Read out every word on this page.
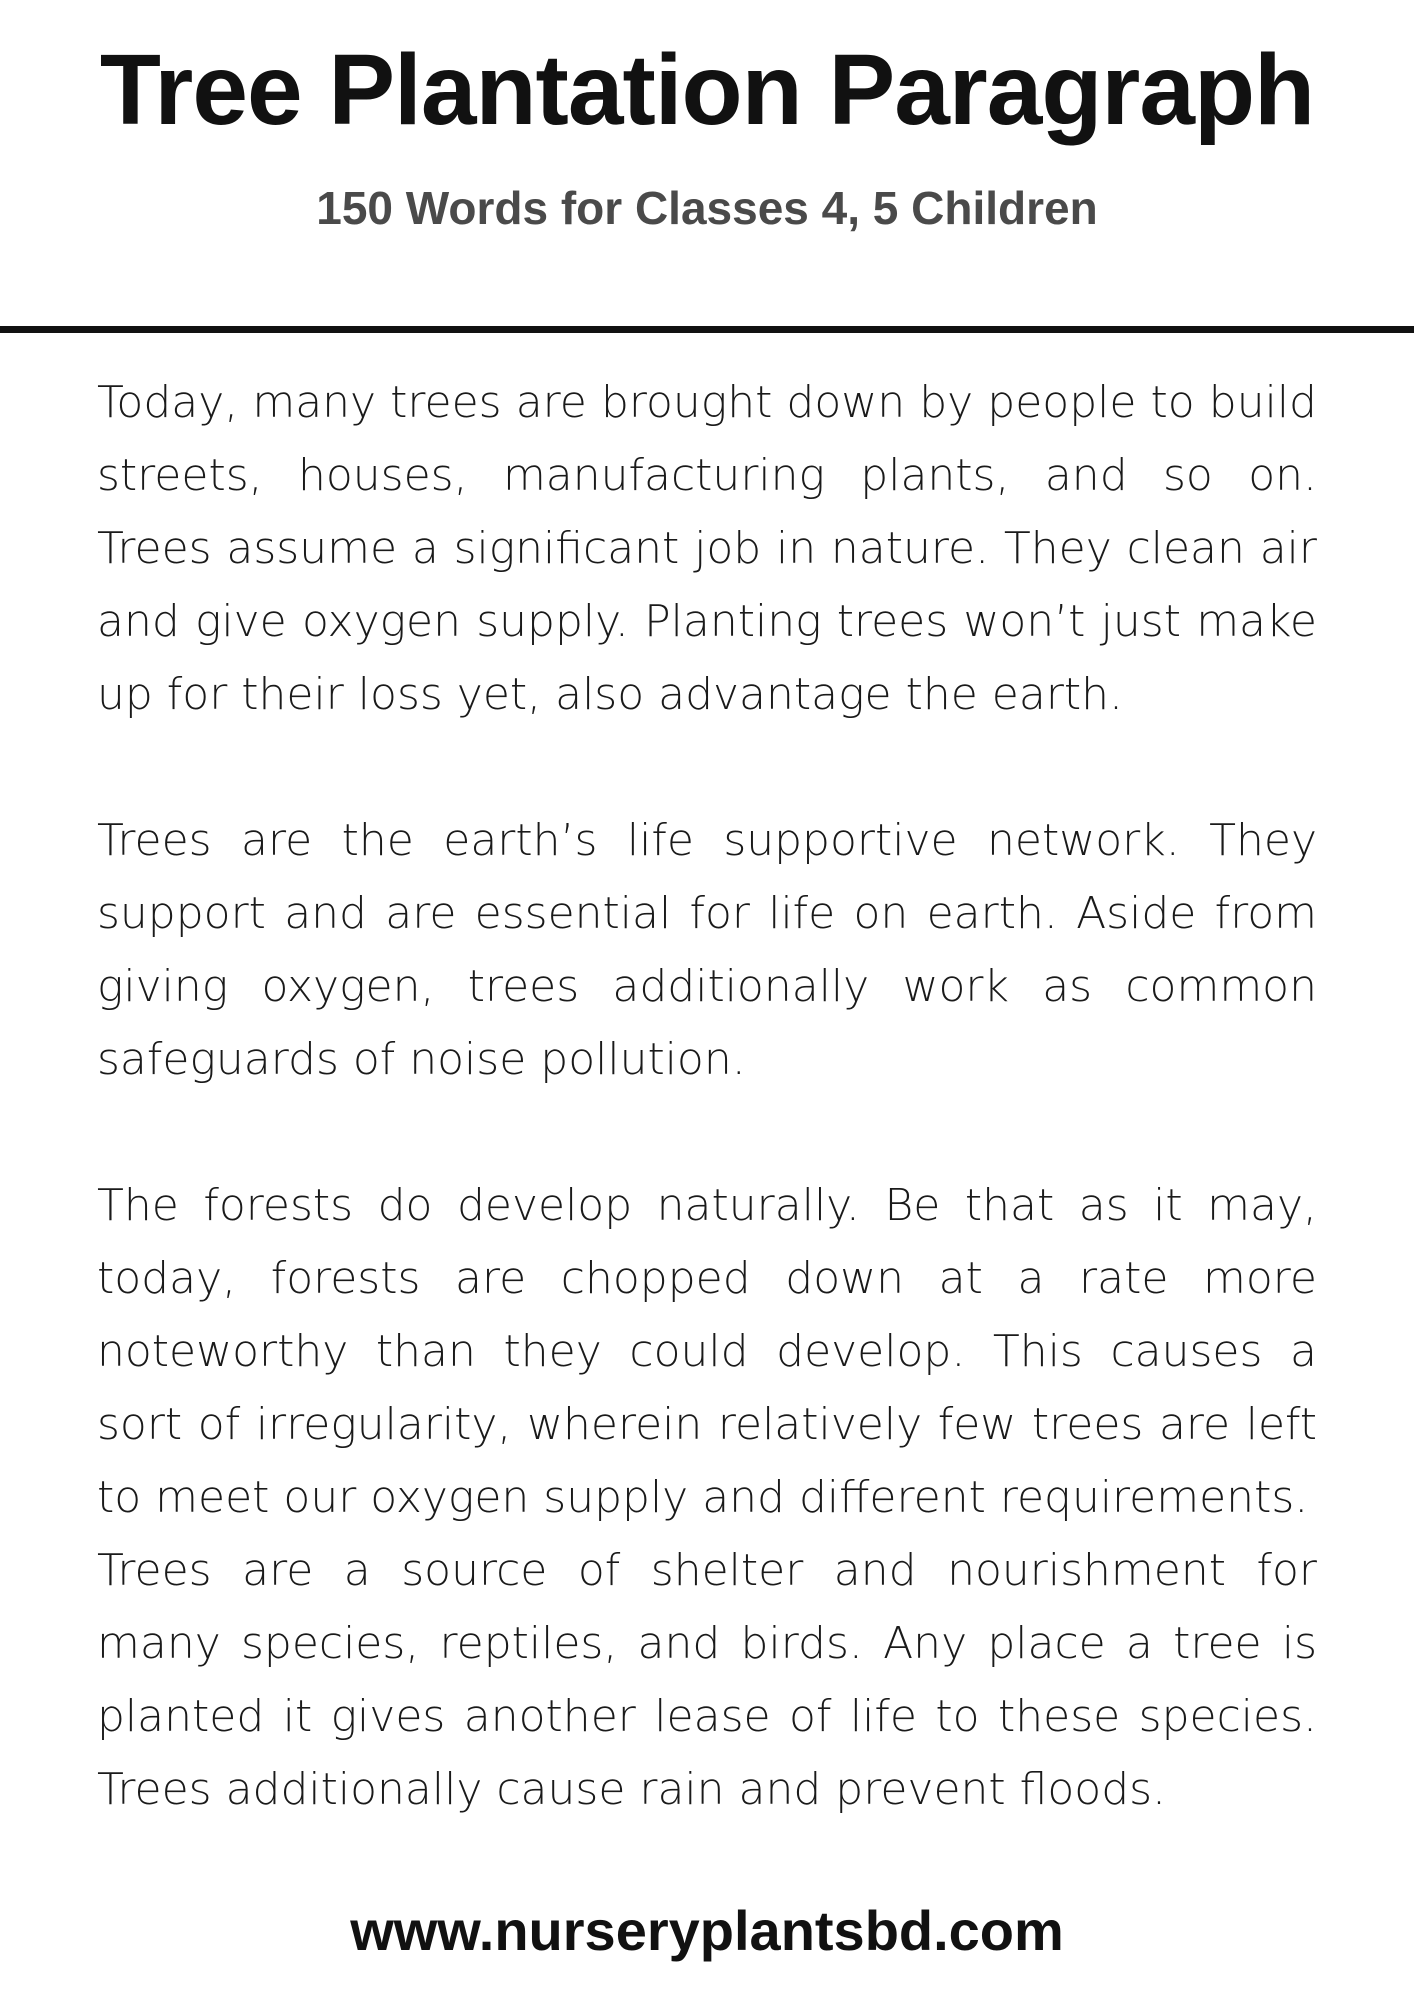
Tree Plantation Paragraph
150 Words for Classes 4, 5 Children

Today, many trees are brought down by people to build streets, houses, manufacturing plants, and so on. Trees assume a significant job in nature. They clean air and give oxygen supply. Planting trees won’t just make up for their loss yet, also advantage the earth.

Trees are the earth’s life supportive network. They support and are essential for life on earth. Aside from giving oxygen, trees additionally work as common safeguards of noise pollution.

The forests do develop naturally. Be that as it may, today, forests are chopped down at a rate more noteworthy than they could develop. This causes a sort of irregularity, wherein relatively few trees are left to meet our oxygen supply and different requirements.

Trees are a source of shelter and nourishment for many species, reptiles, and birds. Any place a tree is planted it gives another lease of life to these species. Trees additionally cause rain and prevent floods.

www.nurseryplantsbd.com
